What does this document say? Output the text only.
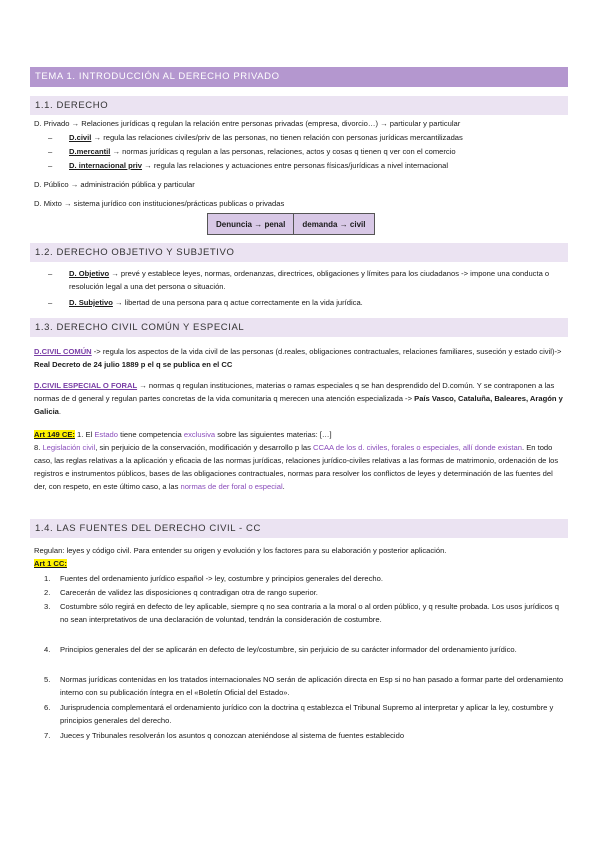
TEMA 1. INTRODUCCIÓN AL DERECHO PRIVADO
1.1. DERECHO
D. Privado → Relaciones jurídicas q regulan la relación entre personas privadas (empresa, divorcio…) → particular y particular
– D.civil → regula las relaciones civiles/priv de las personas, no tienen relación con personas jurídicas mercantilizadas
– D.mercantil → normas jurídicas q regulan a las personas, relaciones, actos y cosas q tienen q ver con el comercio
– D. internacional priv → regula las relaciones y actuaciones entre personas físicas/jurídicas a nivel internacional
D. Público → administración pública y particular
D. Mixto → sistema jurídico con instituciones/prácticas publicas o privadas
Denuncia → penal	demanda → civil
1.2. DERECHO OBJETIVO Y SUBJETIVO
– D. Objetivo → prevé y establece leyes, normas, ordenanzas, directrices, obligaciones y límites para los ciudadanos -> impone una conducta o resolución legal a una det persona o situación.
– D. Subjetivo → libertad de una persona para q actue correctamente en la vida jurídica.
1.3. DERECHO CIVIL COMÚN Y ESPECIAL
D.CIVIL COMÚN -> regula los aspectos de la vida civil de las personas (d.reales, obligaciones contractuales, relaciones familiares, suseción y estado civil)-> Real Decreto de 24 julio 1889 p el q se publica en el CC
D.CIVIL ESPECIAL O FORAL → normas q regulan instituciones, materias o ramas especiales q se han desprendido del D.común. Y se contraponen a las normas de d general y regulan partes concretas de la vida comunitaria q merecen una atención especializada -> País Vasco, Cataluña, Baleares, Aragón y Galicia.
Art 149 CE: 1. El Estado tiene competencia exclusiva sobre las siguientes materias: […]
8. Legislación civil, sin perjuicio de la conservación, modificación y desarrollo p las CCAA de los d. civiles, forales o especiales, allí donde existan. En todo caso, las reglas relativas a la aplicación y eficacia de las normas jurídicas, relaciones jurídico-civiles relativas a las formas de matrimonio, ordenación de los registros e instrumentos públicos, bases de las obligaciones contractuales, normas para resolver los conflictos de leyes y determinación de las fuentes del der, con respeto, en este último caso, a las normas de der foral o especial.
1.4. LAS FUENTES DEL DERECHO CIVIL - CC
Regulan: leyes y código civil. Para entender su origen y evolución y los factores para su elaboración y posterior aplicación.
Art 1 CC:
1. Fuentes del ordenamiento jurídico español -> ley, costumbre y principios generales del derecho.
2. Carecerán de validez las disposiciones q contradigan otra de rango superior.
3. Costumbre sólo regirá en defecto de ley aplicable, siempre q no sea contraria a la moral o al orden público, y q resulte probada. Los usos jurídicos q no sean interpretativos de una declaración de voluntad, tendrán la consideración de costumbre.
4. Principios generales del der se aplicarán en defecto de ley/costumbre, sin perjuicio de su carácter informador del ordenamiento jurídico.
5. Normas jurídicas contenidas en los tratados internacionales NO serán de aplicación directa en Esp si no han pasado a formar parte del ordenamiento interno con su publicación íntegra en el «Boletín Oficial del Estado».
6. Jurisprudencia complementará el ordenamiento jurídico con la doctrina q establezca el Tribunal Supremo al interpretar y aplicar la ley, costumbre y principios generales del derecho.
7. Jueces y Tribunales resolverán los asuntos q conozcan ateniéndose al sistema de fuentes establecido
